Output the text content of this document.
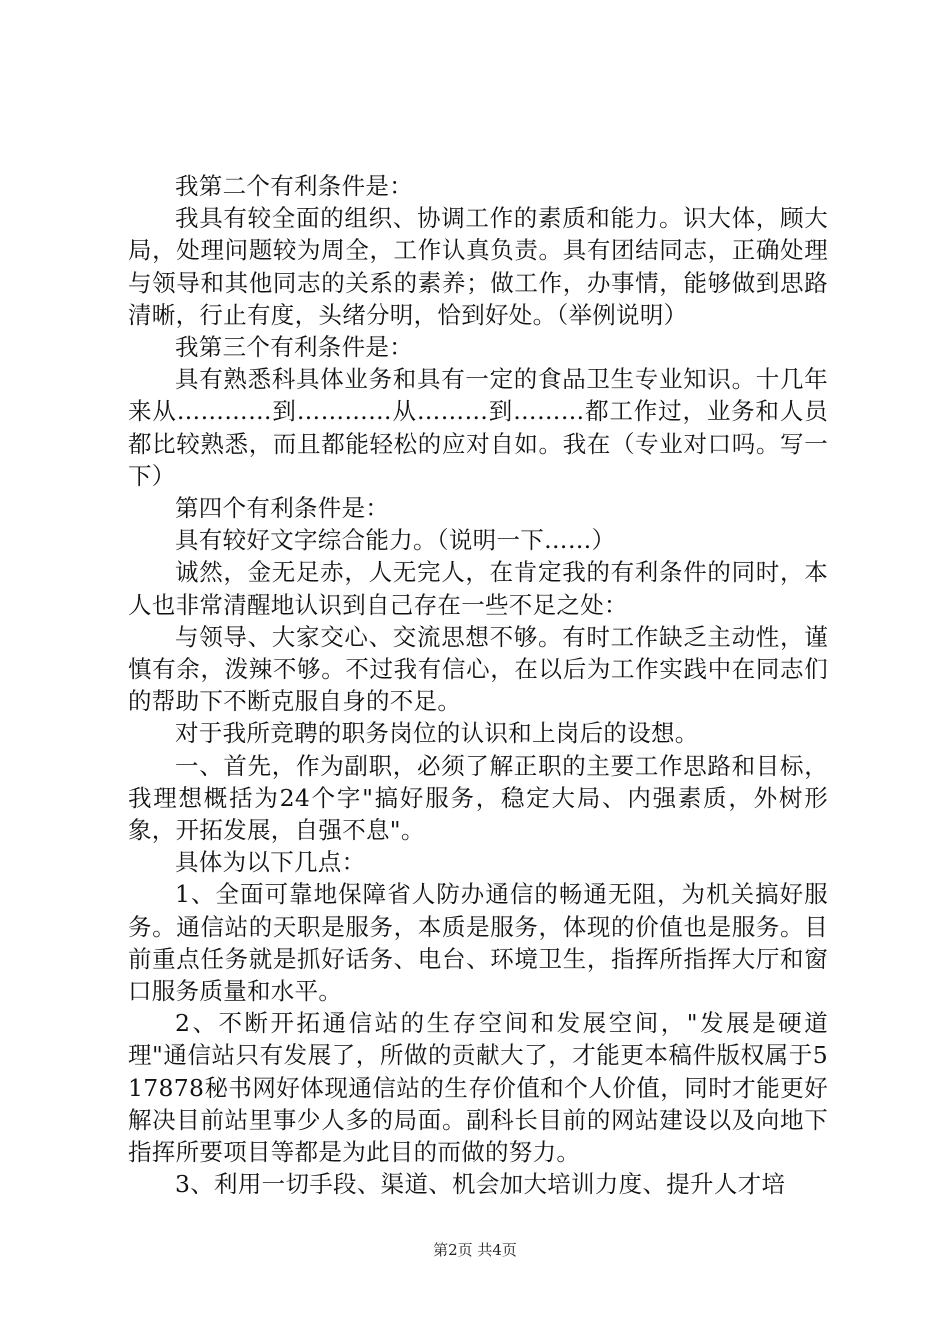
我第二个有利条件是：

我具有较全面的组织、协调工作的素质和能力。识大体，顾大局，处理问题较为周全，工作认真负责。具有团结同志，正确处理与领导和其他同志的关系的素养；做工作，办事情，能够做到思路清晰，行止有度，头绪分明，恰到好处。（举例说明）

我第三个有利条件是：

具有熟悉科具体业务和具有一定的食品卫生专业知识。十几年来从…………到…………从………到………都工作过，业务和人员都比较熟悉，而且都能轻松的应对自如。我在（专业对口吗。写一下）

第四个有利条件是：

具有较好文字综合能力。（说明一下……）

诚然，金无足赤，人无完人，在肯定我的有利条件的同时，本人也非常清醒地认识到自己存在一些不足之处：

与领导、大家交心、交流思想不够。有时工作缺乏主动性，谨慎有余，泼辣不够。不过我有信心，在以后为工作实践中在同志们的帮助下不断克服自身的不足。

对于我所竞聘的职务岗位的认识和上岗后的设想。

一、首先，作为副职，必须了解正职的主要工作思路和目标，我理想概括为24个字"搞好服务，稳定大局、内强素质，外树形象，开拓发展，自强不息"。

具体为以下几点：

1、全面可靠地保障省人防办通信的畅通无阻，为机关搞好服务。通信站的天职是服务，本质是服务，体现的价值也是服务。目前重点任务就是抓好话务、电台、环境卫生，指挥所指挥大厅和窗口服务质量和水平。

2、不断开拓通信站的生存空间和发展空间，"发展是硬道理"通信站只有发展了，所做的贡献大了，才能更本稿件版权属于517878秘书网好体现通信站的生存价值和个人价值，同时才能更好解决目前站里事少人多的局面。副科长目前的网站建设以及向地下指挥所要项目等都是为此目的而做的努力。

3、利用一切手段、渠道、机会加大培训力度、提升人才培

第2页 共4页
